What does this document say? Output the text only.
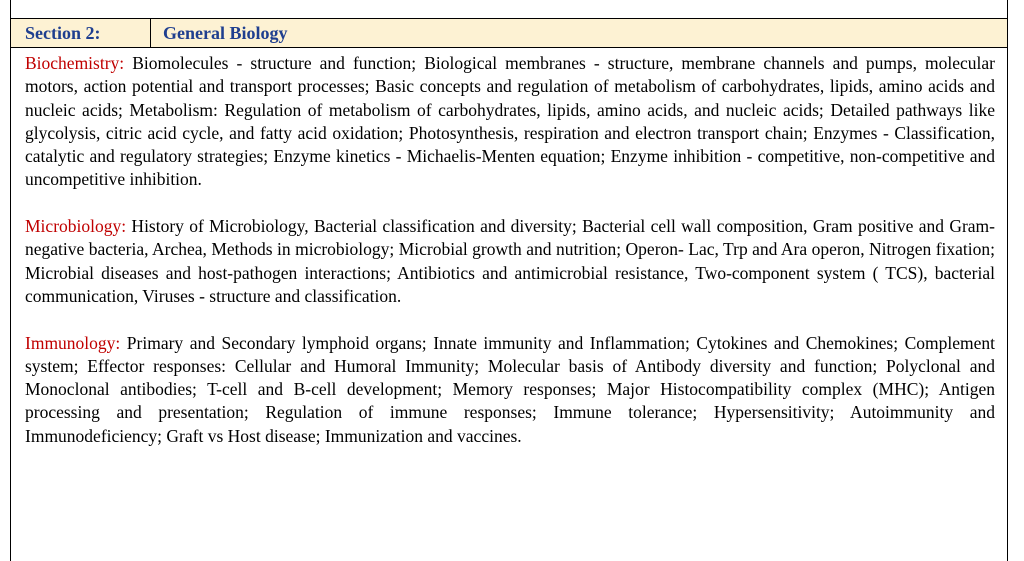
Section 2:	General Biology

Biochemistry: Biomolecules - structure and function; Biological membranes - structure, membrane channels and pumps, molecular motors, action potential and transport processes; Basic concepts and regulation of metabolism of carbohydrates, lipids, amino acids and nucleic acids; Metabolism: Regulation of metabolism of carbohydrates, lipids, amino acids, and nucleic acids; Detailed pathways like glycolysis, citric acid cycle, and fatty acid oxidation; Photosynthesis, respiration and electron transport chain; Enzymes - Classification, catalytic and regulatory strategies; Enzyme kinetics - Michaelis-Menten equation; Enzyme inhibition - competitive, non-competitive and uncompetitive inhibition.

Microbiology: History of Microbiology, Bacterial classification and diversity; Bacterial cell wall composition, Gram positive and Gram-negative bacteria, Archea, Methods in microbiology; Microbial growth and nutrition; Operon- Lac, Trp and Ara operon, Nitrogen fixation; Microbial diseases and host-pathogen interactions; Antibiotics and antimicrobial resistance, Two-component system ( TCS), bacterial communication, Viruses - structure and classification.

Immunology: Primary and Secondary lymphoid organs; Innate immunity and Inflammation; Cytokines and Chemokines; Complement system; Effector responses: Cellular and Humoral Immunity; Molecular basis of Antibody diversity and function; Polyclonal and Monoclonal antibodies; T-cell and B-cell development; Memory responses; Major Histocompatibility complex (MHC); Antigen processing and presentation; Regulation of immune responses; Immune tolerance; Hypersensitivity; Autoimmunity and Immunodeficiency; Graft vs Host disease; Immunization and vaccines.
